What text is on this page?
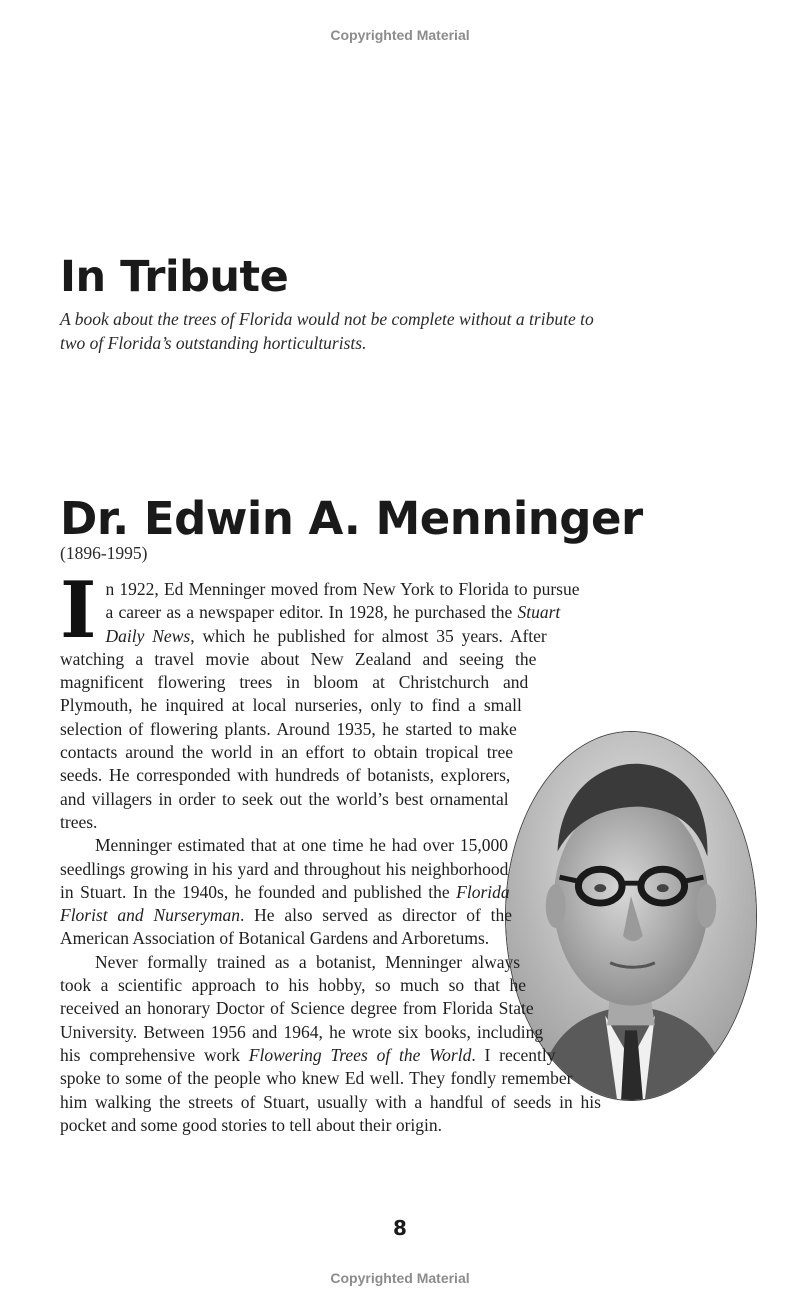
Copyrighted Material
In Tribute

A book about the trees of Florida would not be complete without a tribute to two of Florida’s outstanding horticulturists.

Dr. Edwin A. Menninger

(1896-1995)

In 1922, Ed Menninger moved from New York to Florida to pursue a career as a newspaper editor. In 1928, he purchased the Stuart Daily News, which he published for almost 35 years. After watching a travel movie about New Zealand and seeing the magnificent flowering trees in bloom at Christchurch and Plymouth, he inquired at local nurseries, only to find a small selection of flowering plants. Around 1935, he started to make contacts around the world in an effort to obtain tropical tree seeds. He corresponded with hundreds of botanists, explorers, and villagers in order to seek out the world’s best ornamental trees.

Menninger estimated that at one time he had over 15,000 seedlings growing in his yard and throughout his neighborhood in Stuart. In the 1940s, he founded and published the Florida Florist and Nurseryman. He also served as director of the American Association of Botanical Gardens and Arboretums.

Never formally trained as a botanist, Menninger always took a scientific approach to his hobby, so much so that he received an honorary Doctor of Science degree from Florida State University. Between 1956 and 1964, he wrote six books, including his comprehensive work Flowering Trees of the World. I recently spoke to some of the people who knew Ed well. They fondly remember him walking the streets of Stuart, usually with a handful of seeds in his pocket and some good stories to tell about their origin.

8
Copyrighted Material
